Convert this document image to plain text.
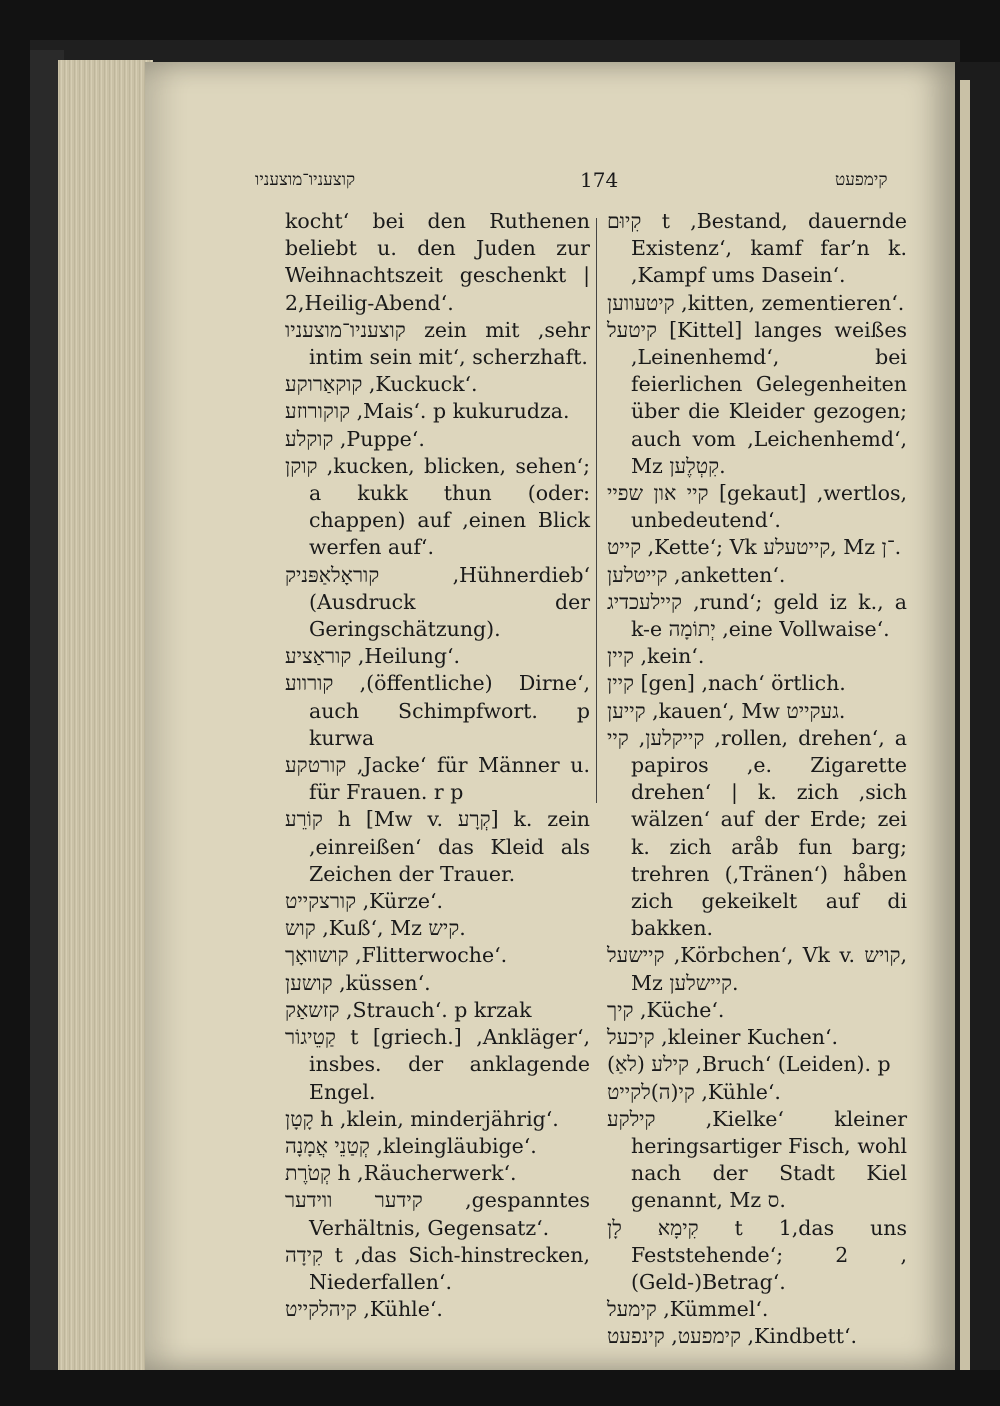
קוצעניו־מוצעניו	174	קימפעט

kocht‘ bei den Ruthenen beliebt u. den Juden zur Weihnachtszeit geschenkt | 2,Heilig-Abend‘.

קוצעניו־מוצעניו zein mit ,sehr intim sein mit‘, scherzhaft.

קוקאַרוקע ,Kuckuck‘.

קוקורוזע ,Mais‘. p kukurudza.

קוקלע ,Puppe‘.

קוקן ,kucken, blicken, sehen‘; a kukk thun (oder: chappen) auf ,einen Blick werfen auf‘.

קוראָלאַפּניק ,Hühnerdieb‘ (Ausdruck der Geringschätzung).

קוראַציע ,Heilung‘.

קורווע ,(öffentliche) Dirne‘, auch Schimpfwort. p kurwa

קורטקע ,Jacke‘ für Männer u. für Frauen. r p

קוֹרֵע h [Mw v. קְרָע] k. zein ,einreißen‘ das Kleid als Zeichen der Trauer.

קורצקייט ,Kürze‘.

קוש ,Kuß‘, Mz קיש.

קושוואָך ,Flitterwoche‘.

קושען ,küssen‘.

קזשאַק ,Strauch‘. p krzak

קַטֵיגוֹר t [griech.] ,Ankläger‘, insbes. der anklagende Engel.

קָטָן h ,klein, minderjährig‘.

קְטַנֵי אֲמָנָה ,kleingläubige‘.

קְטֹרֶת h ,Räucherwerk‘.

קידער ווידער ,gespanntes Verhältnis, Gegensatz‘.

קִידָה t ,das Sich-hinstrecken, Niederfallen‘.

קיהלקייט ,Kühle‘.

קִיוּם t ,Bestand, dauernde Existenz‘, kamf far’n k. ,Kampf ums Dasein‘.

קיטעווען ,kitten, zementieren‘.

קיטעל [Kittel] langes weißes ,Leinenhemd‘, bei feierlichen Gelegenheiten über die Kleider gezogen; auch vom ,Leichenhemd‘, Mz קִטְלֶען.

קיי און שפיי [gekaut] ,wertlos, unbedeutend‘.

קייט ,Kette‘; Vk קייטעלע, Mz ־ן.

קייטלען ,anketten‘.

קיילעכדיג ,rund‘; geld iz k., a k-e יְתוֹמָה ,eine Vollwaise‘.

קיין ,kein‘.

קיין [gen] ,nach‘ örtlich.

קייען ,kauen‘, Mw געקייט.

קייקלען, קיי ,rollen, drehen‘, a papiros ,e. Zigarette drehen‘ | k. zich ,sich wälzen‘ auf der Erde; zei k. zich aråb fun barg; trehren (,Tränen‘) håben zich gekeikelt auf di bakken.

קיישעל ,Körbchen‘, Vk v. קויש, Mz קיישלען.

קיך ,Küche‘.

קיכעל ,kleiner Kuchen‘.

קילע (לאַ) ,Bruch‘ (Leiden). p

קי(ה)לקייט ,Kühle‘.

קילקע ,Kielke‘ kleiner heringsartiger Fisch, wohl nach der Stadt Kiel genannt, Mz ס.

קִימָא לָן t 1,das uns Feststehende‘; 2 ,(Geld-)Betrag‘.

קימעל ,Kümmel‘.

קימפעט, קינפעט ,Kindbett‘.
